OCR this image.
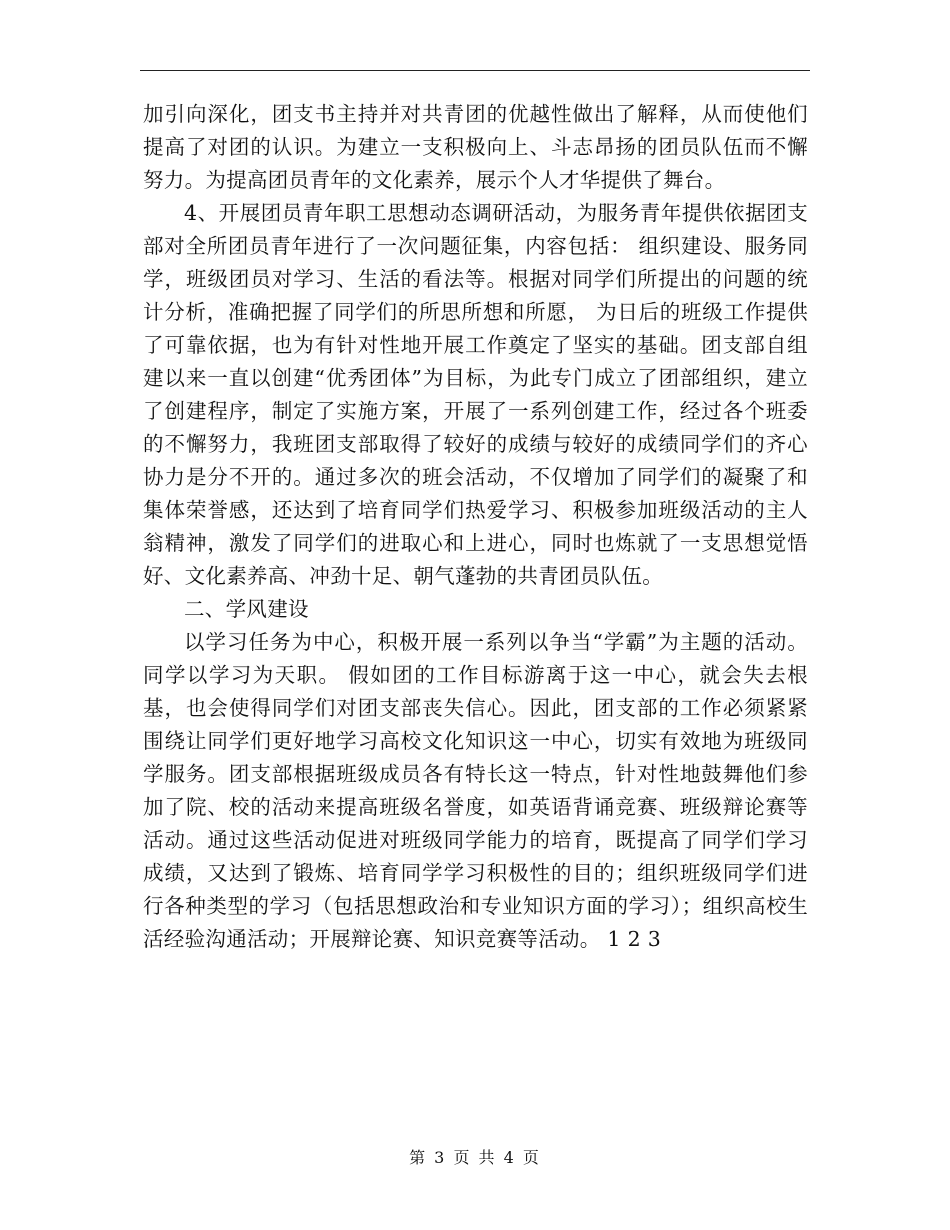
加引向深化，团支书主持并对共青团的优越性做出了解释，从而使他们提高了对团的认识。为建立一支积极向上、斗志昂扬的团员队伍而不懈努力。为提高团员青年的文化素养，展示个人才华提供了舞台。

4、开展团员青年职工思想动态调研活动，为服务青年提供依据团支部对全所团员青年进行了一次问题征集，内容包括： 组织建设、服务同学，班级团员对学习、生活的看法等。根据对同学们所提出的问题的统计分析，准确把握了同学们的所思所想和所愿， 为日后的班级工作提供了可靠依据，也为有针对性地开展工作奠定了坚实的基础。团支部自组建以来一直以创建“优秀团体”为目标，为此专门成立了团部组织，建立了创建程序，制定了实施方案，开展了一系列创建工作，经过各个班委的不懈努力，我班团支部取得了较好的成绩与较好的成绩同学们的齐心协力是分不开的。通过多次的班会活动，不仅增加了同学们的凝聚了和集体荣誉感，还达到了培育同学们热爱学习、积极参加班级活动的主人翁精神，激发了同学们的进取心和上进心，同时也炼就了一支思想觉悟好、文化素养高、冲劲十足、朝气蓬勃的共青团员队伍。

二、学风建设

以学习任务为中心，积极开展一系列以争当“学霸”为主题的活动。同学以学习为天职。 假如团的工作目标游离于这一中心，就会失去根基，也会使得同学们对团支部丧失信心。因此，团支部的工作必须紧紧围绕让同学们更好地学习高校文化知识这一中心，切实有效地为班级同学服务。团支部根据班级成员各有特长这一特点，针对性地鼓舞他们参加了院、校的活动来提高班级名誉度，如英语背诵竞赛、班级辩论赛等活动。通过这些活动促进对班级同学能力的培育，既提高了同学们学习成绩，又达到了锻炼、培育同学学习积极性的目的；组织班级同学们进行各种类型的学习（包括思想政治和专业知识方面的学习）；组织高校生活经验沟通活动；开展辩论赛、知识竞赛等活动。 1 2 3

第 3 页 共 4 页
